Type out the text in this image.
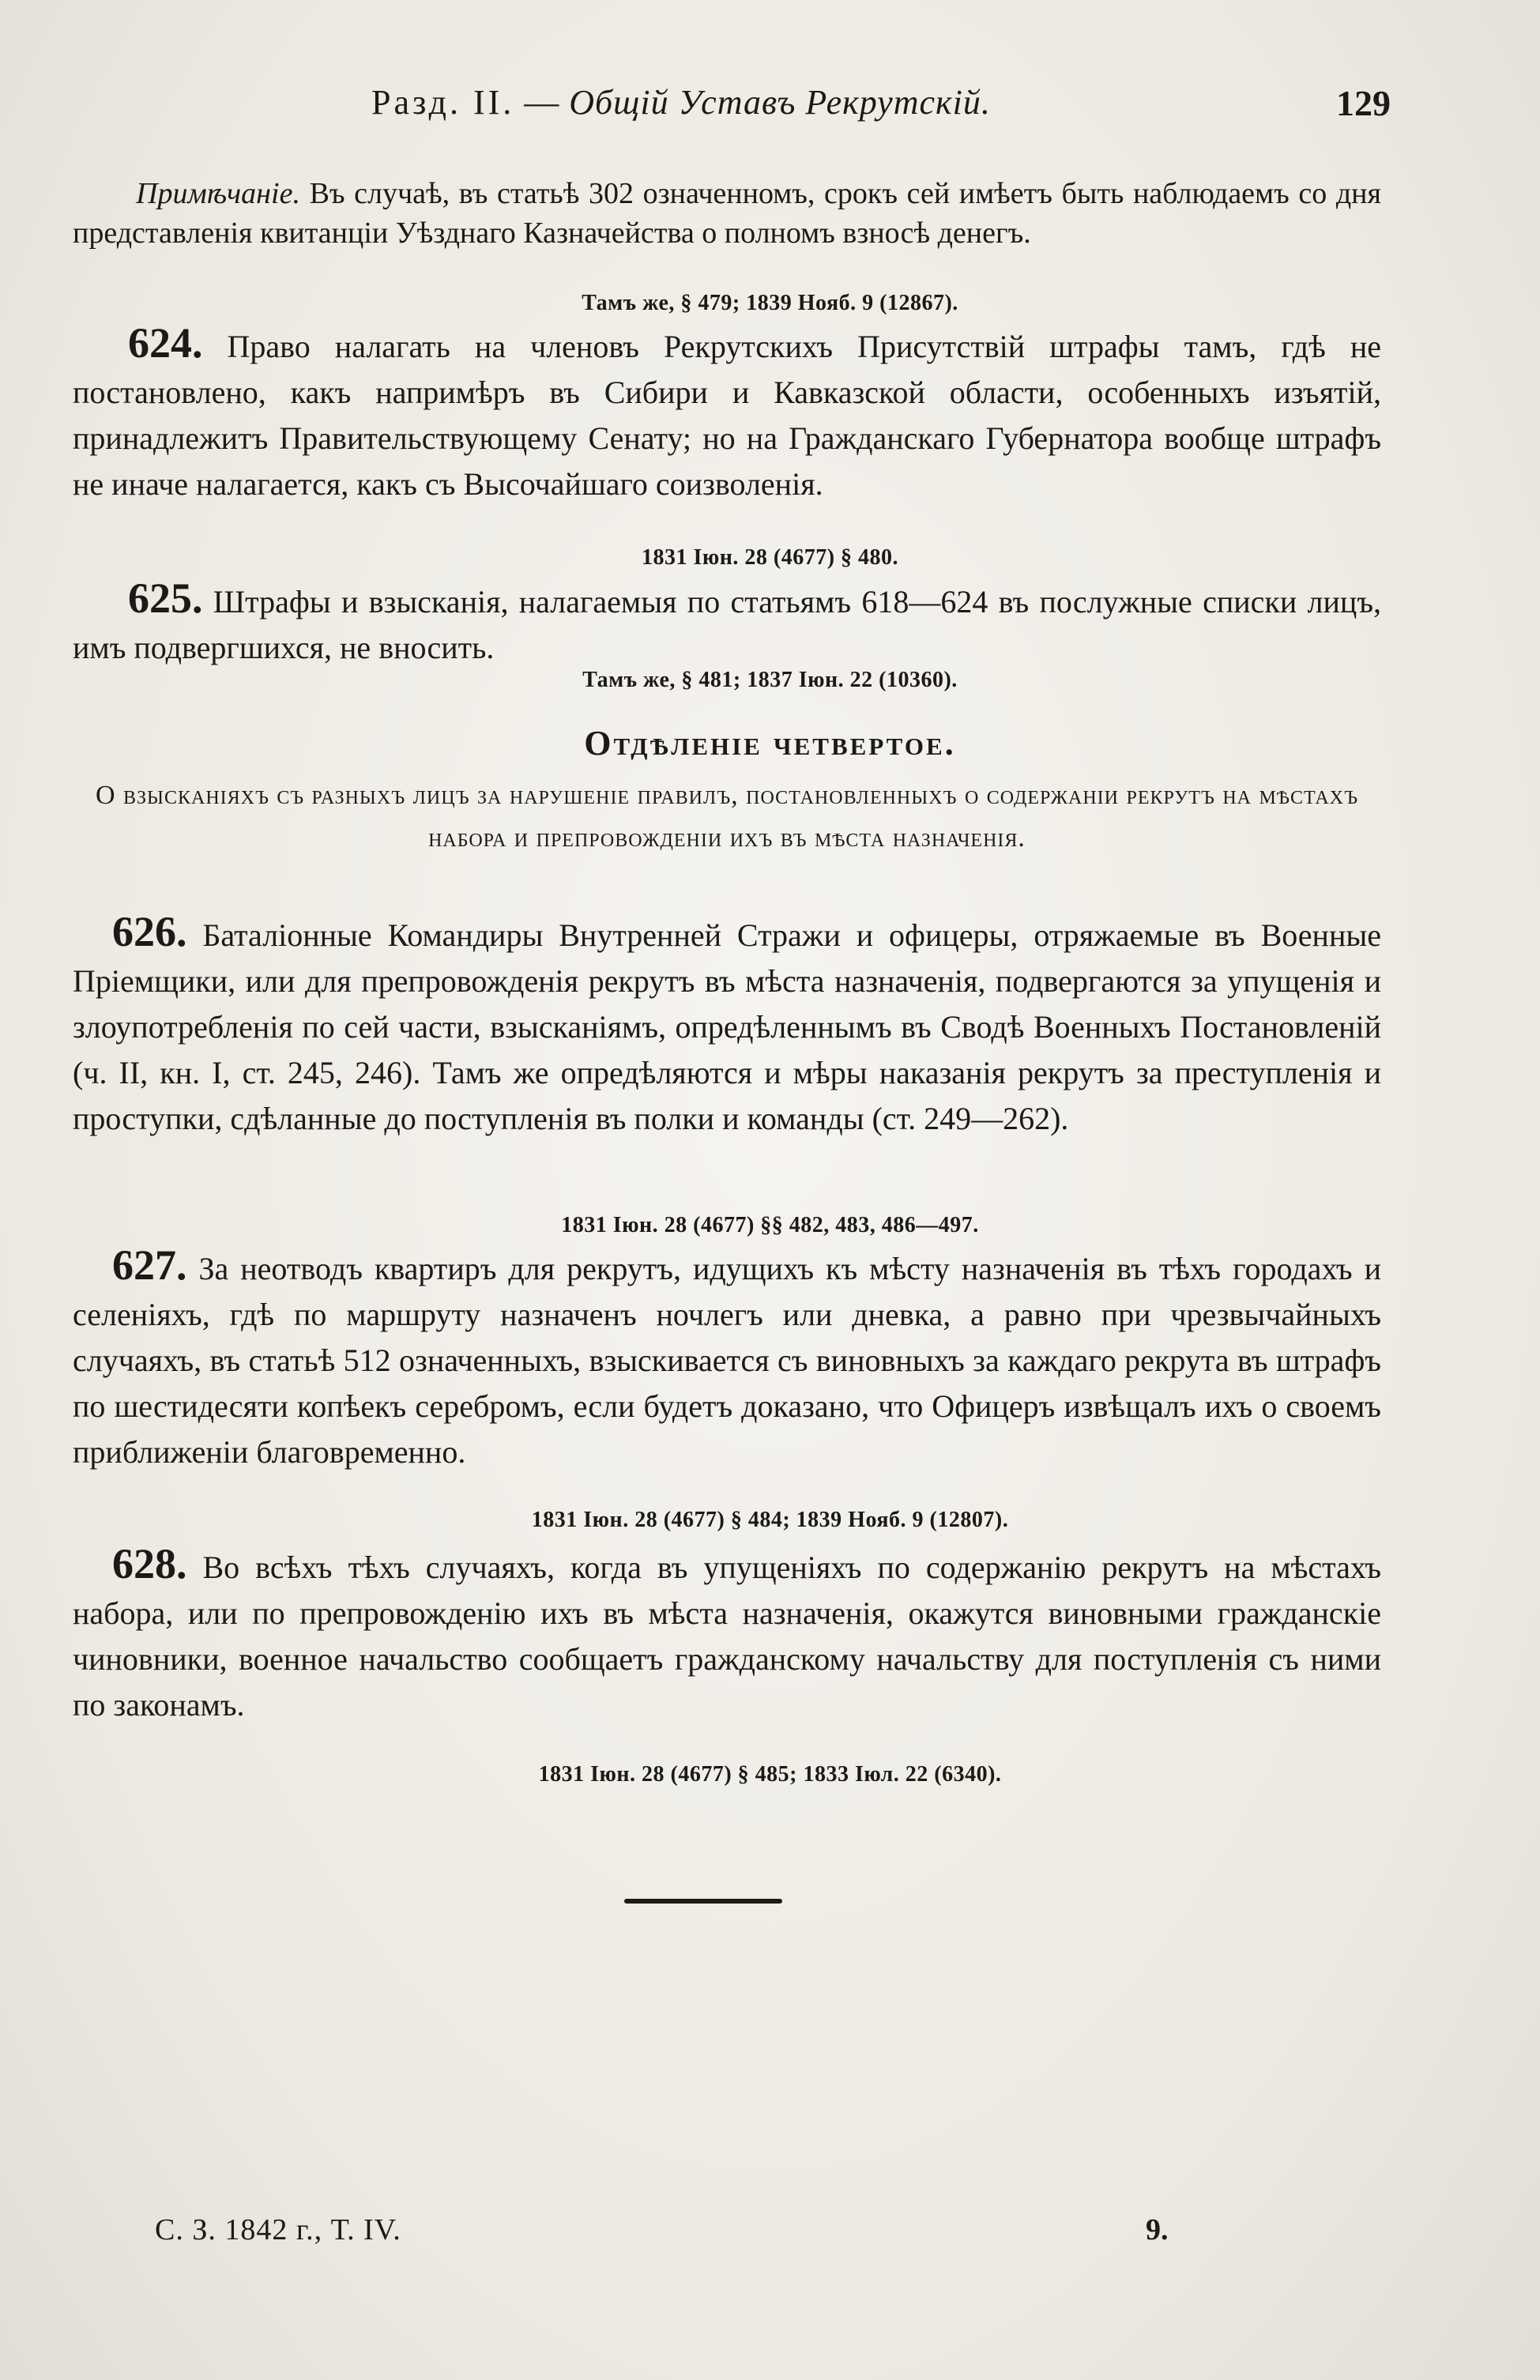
Разд. II. — Общій Уставъ Рекрутскій.	129
Примѣчаніе. Въ случаѣ, въ статьѣ 302 означенномъ, срокъ сей имѣетъ быть наблюдаемъ со дня представленія квитанціи Уѣзднаго Казначейства о полномъ взносѣ денегъ.
Тамъ же, § 479; 1839 Нояб. 9 (12867).
624. Право налагать на членовъ Рекрутскихъ Присутствій штрафы тамъ, гдѣ не постановлено, какъ напримѣръ въ Сибири и Кавказской области, особенныхъ изъятій, принадлежитъ Правительствующему Сенату; но на Гражданскаго Губернатора вообще штрафъ не иначе налагается, какъ съ Высочайшаго соизволенія.
1831 Іюн. 28 (4677) § 480.
625. Штрафы и взысканія, налагаемыя по статьямъ 618—624 въ послужные списки лицъ, имъ подвергшихся, не вносить.
Тамъ же, § 481; 1837 Іюн. 22 (10360).
Отдѣленіе четвертое.
О взысканіяхъ съ разныхъ лицъ за нарушеніе правилъ, постановленныхъ о содержаніи рекрутъ на мѣстахъ набора и препровожденіи ихъ въ мѣста назначенія.
626. Баталіонные Командиры Внутренней Стражи и офицеры, отряжаемые въ Военные Пріемщики, или для препровожденія рекрутъ въ мѣста назначенія, подвергаются за упущенія и злоупотребленія по сей части, взысканіямъ, опредѣленнымъ въ Сводѣ Военныхъ Постановленій (ч. II, кн. I, ст. 245, 246). Тамъ же опредѣляются и мѣры наказанія рекрутъ за преступленія и проступки, сдѣланные до поступленія въ полки и команды (ст. 249—262).
1831 Іюн. 28 (4677) §§ 482, 483, 486—497.
627. За неотводъ квартиръ для рекрутъ, идущихъ къ мѣсту назначенія въ тѣхъ городахъ и селеніяхъ, гдѣ по маршруту назначенъ ночлегъ или дневка, а равно при чрезвычайныхъ случаяхъ, въ статьѣ 512 означенныхъ, взыскивается съ виновныхъ за каждаго рекрута въ штрафъ по шестидесяти копѣекъ серебромъ, если будетъ доказано, что Офицеръ извѣщалъ ихъ о своемъ приближеніи благовременно.
1831 Іюн. 28 (4677) § 484; 1839 Нояб. 9 (12807).
628. Во всѣхъ тѣхъ случаяхъ, когда въ упущеніяхъ по содержанію рекрутъ на мѣстахъ набора, или по препровожденію ихъ въ мѣста назначенія, окажутся виновными гражданскіе чиновники, военное начальство сообщаетъ гражданскому начальству для поступленія съ ними по законамъ.
1831 Іюн. 28 (4677) § 485; 1833 Іюл. 22 (6340).
С. З. 1842 г., Т. IV.	9.
